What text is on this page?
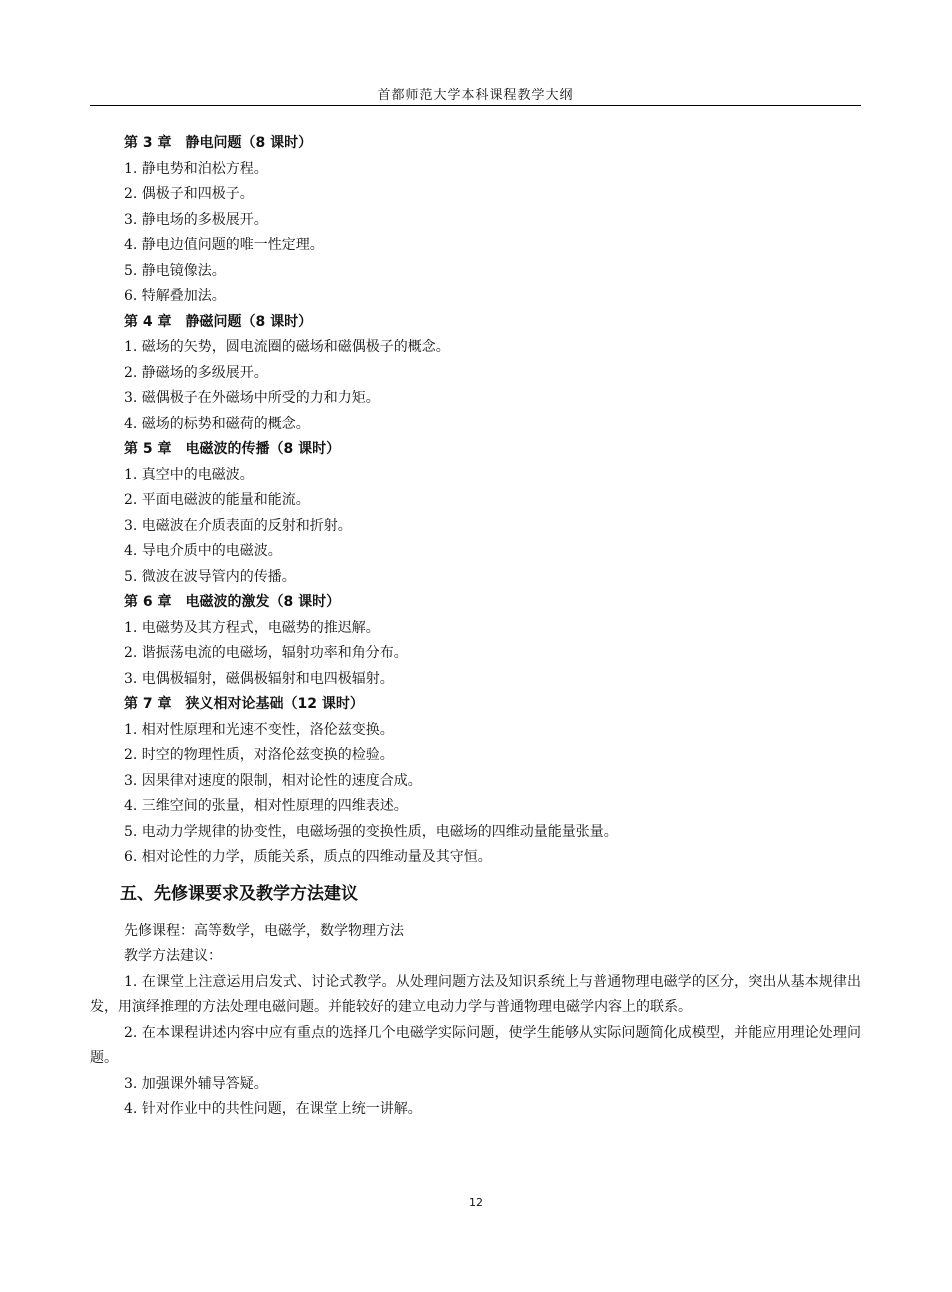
首都师范大学本科课程教学大纲
第 3 章　静电问题（8 课时）
1. 静电势和泊松方程。
2. 偶极子和四极子。
3. 静电场的多极展开。
4. 静电边值问题的唯一性定理。
5. 静电镜像法。
6. 特解叠加法。
第 4 章　静磁问题（8 课时）
1. 磁场的矢势，圆电流圈的磁场和磁偶极子的概念。
2. 静磁场的多级展开。
3. 磁偶极子在外磁场中所受的力和力矩。
4. 磁场的标势和磁荷的概念。
第 5 章　电磁波的传播（8 课时）
1. 真空中的电磁波。
2. 平面电磁波的能量和能流。
3. 电磁波在介质表面的反射和折射。
4. 导电介质中的电磁波。
5. 微波在波导管内的传播。
第 6 章　电磁波的激发（8 课时）
1. 电磁势及其方程式，电磁势的推迟解。
2. 谐振荡电流的电磁场，辐射功率和角分布。
3. 电偶极辐射，磁偶极辐射和电四极辐射。
第 7 章　狭义相对论基础（12 课时）
1. 相对性原理和光速不变性，洛伦兹变换。
2. 时空的物理性质，对洛伦兹变换的检验。
3. 因果律对速度的限制，相对论性的速度合成。
4. 三维空间的张量，相对性原理的四维表述。
5. 电动力学规律的协变性，电磁场强的变换性质，电磁场的四维动量能量张量。
6. 相对论性的力学，质能关系，质点的四维动量及其守恒。
五、先修课要求及教学方法建议
先修课程：高等数学，电磁学，数学物理方法
教学方法建议：
1. 在课堂上注意运用启发式、讨论式教学。从处理问题方法及知识系统上与普通物理电磁学的区分，突出从基本规律出发，用演绎推理的方法处理电磁问题。并能较好的建立电动力学与普通物理电磁学内容上的联系。
2. 在本课程讲述内容中应有重点的选择几个电磁学实际问题，使学生能够从实际问题简化成模型，并能应用理论处理问题。
3. 加强课外辅导答疑。
4. 针对作业中的共性问题，在课堂上统一讲解。
12
